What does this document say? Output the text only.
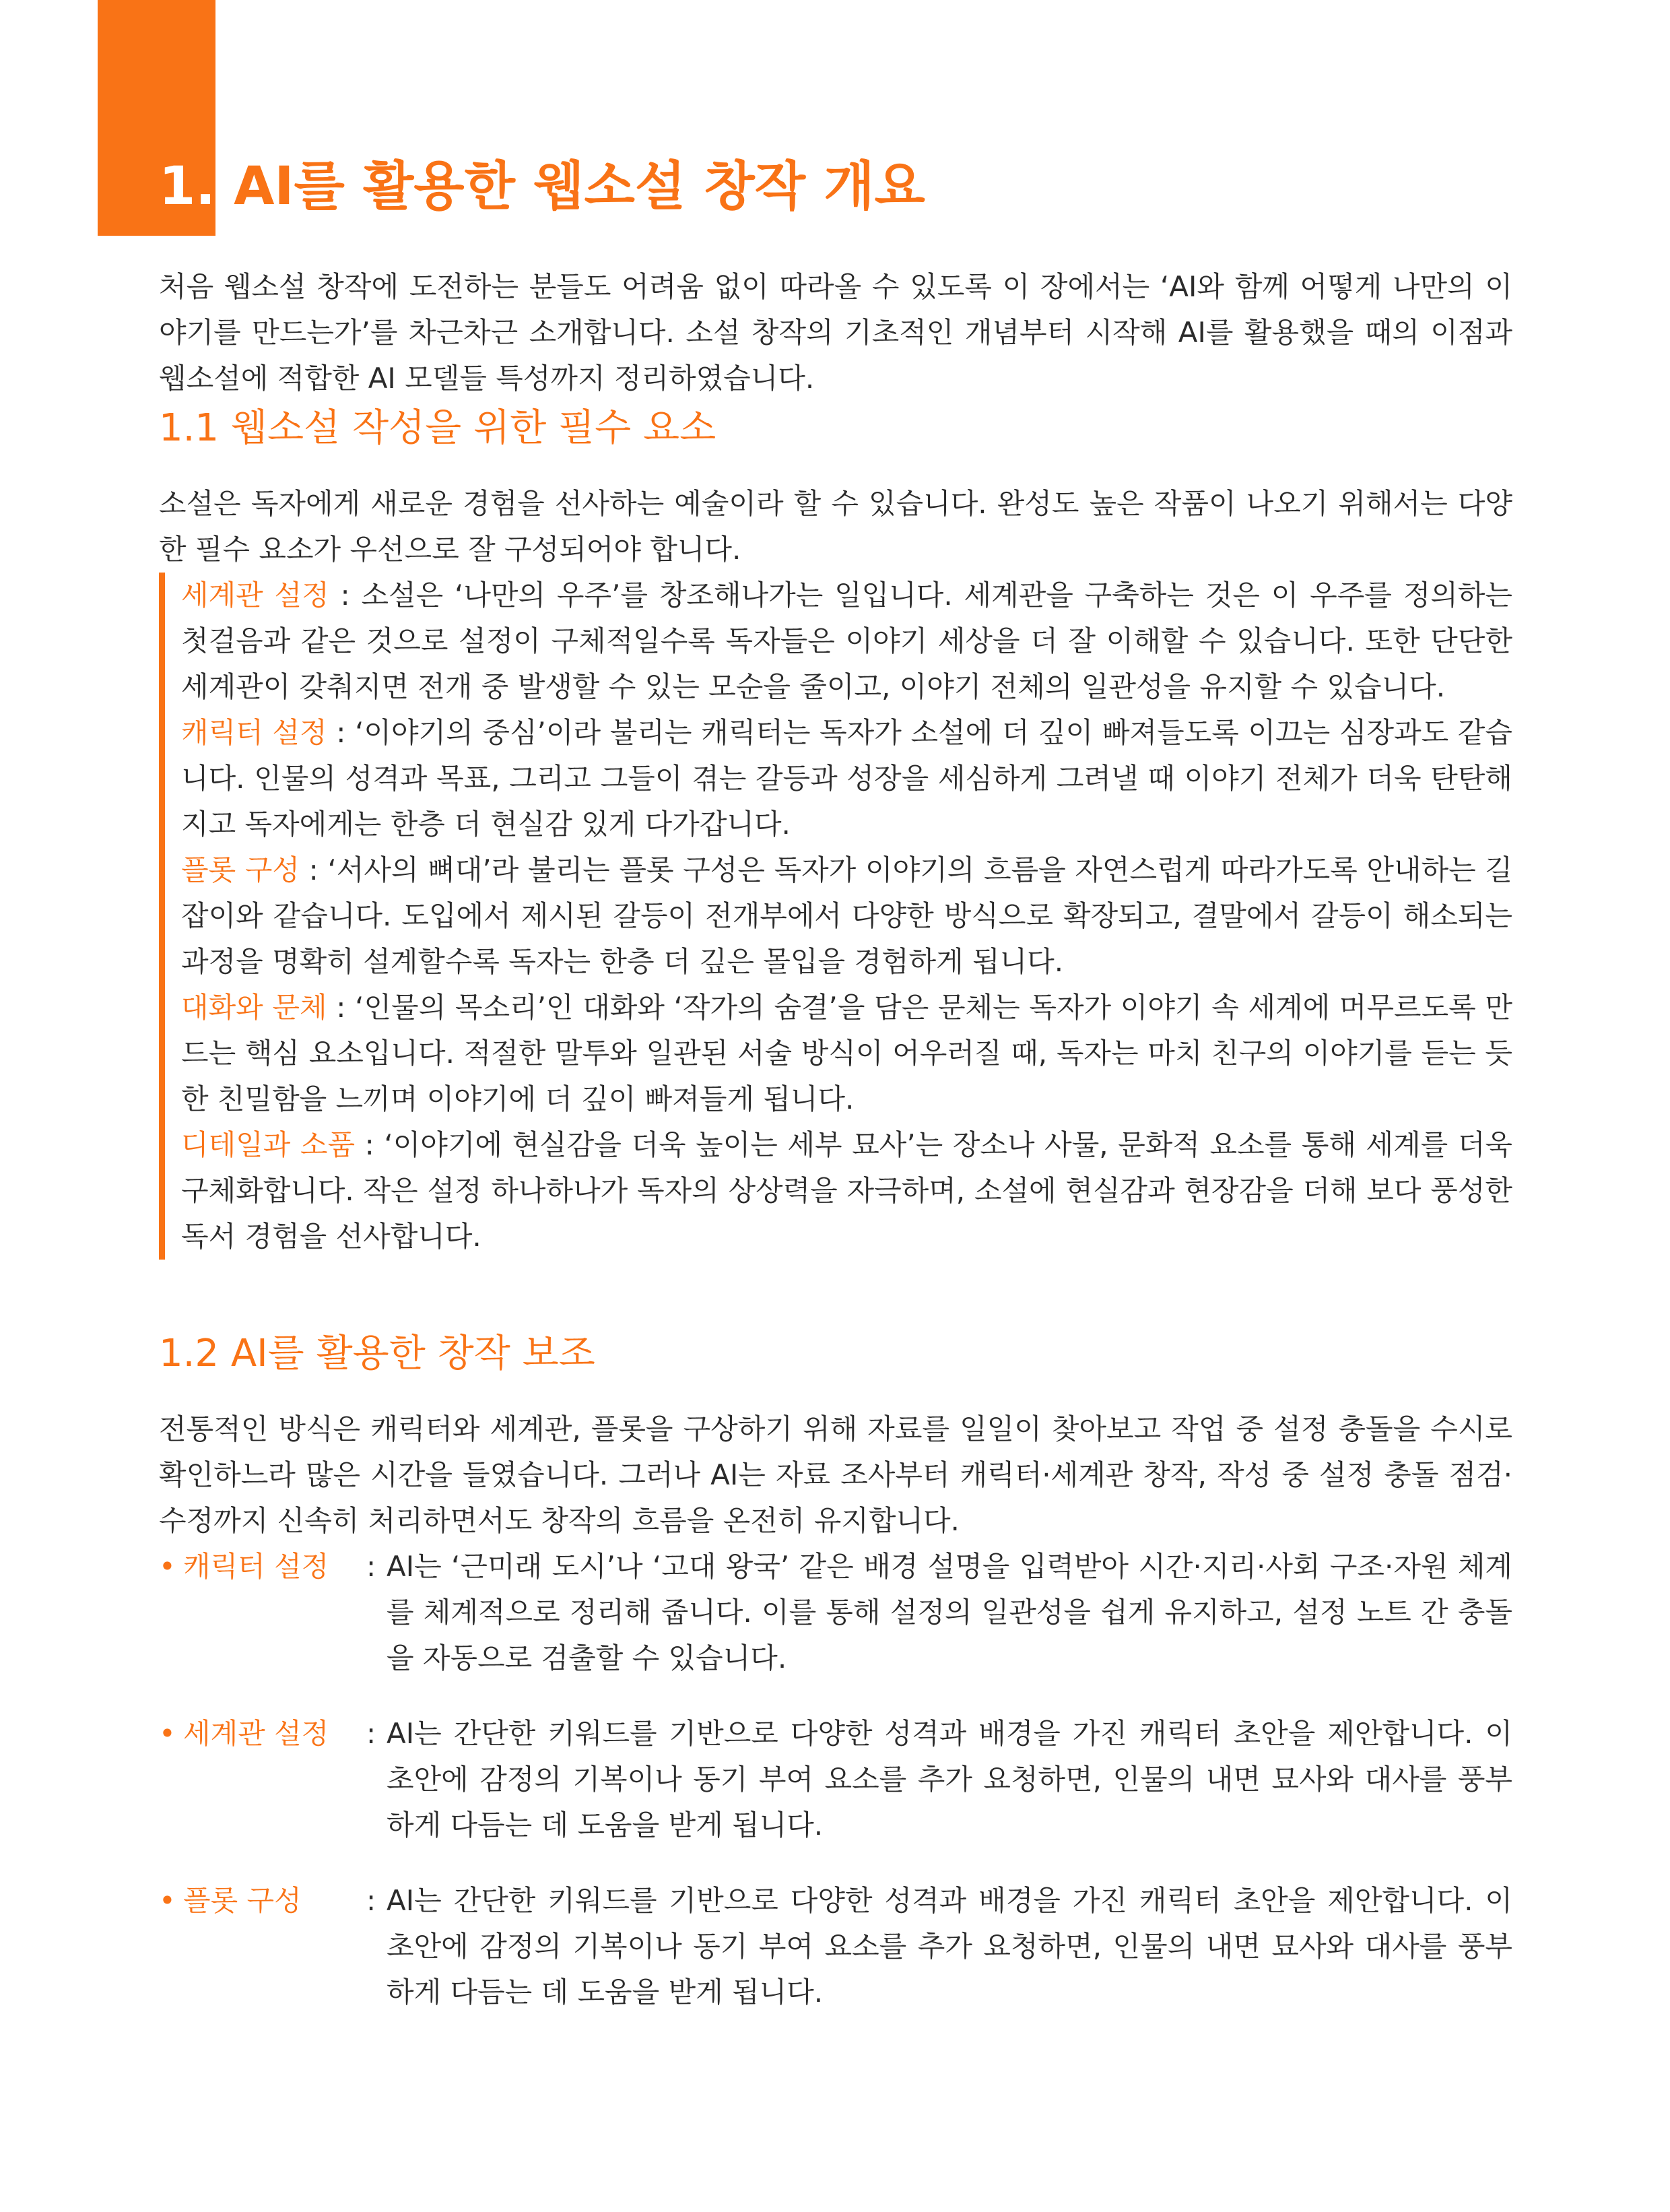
1. AI를 활용한 웹소설 창작 개요

처음 웹소설 창작에 도전하는 분들도 어려움 없이 따라올 수 있도록 이 장에서는 ‘AI와 함께 어떻게 나만의 이야기를 만드는가’를 차근차근 소개합니다. 소설 창작의 기초적인 개념부터 시작해 AI를 활용했을 때의 이점과 웹소설에 적합한 AI 모델들 특성까지 정리하였습니다.

1.1 웹소설 작성을 위한 필수 요소

소설은 독자에게 새로운 경험을 선사하는 예술이라 할 수 있습니다. 완성도 높은 작품이 나오기 위해서는 다양한 필수 요소가 우선으로 잘 구성되어야 합니다.

세계관 설정 : 소설은 ‘나만의 우주’를 창조해나가는 일입니다. 세계관을 구축하는 것은 이 우주를 정의하는 첫걸음과 같은 것으로 설정이 구체적일수록 독자들은 이야기 세상을 더 잘 이해할 수 있습니다. 또한 단단한 세계관이 갖춰지면 전개 중 발생할 수 있는 모순을 줄이고, 이야기 전체의 일관성을 유지할 수 있습니다.

캐릭터 설정 : ‘이야기의 중심’이라 불리는 캐릭터는 독자가 소설에 더 깊이 빠져들도록 이끄는 심장과도 같습니다. 인물의 성격과 목표, 그리고 그들이 겪는 갈등과 성장을 세심하게 그려낼 때 이야기 전체가 더욱 탄탄해지고 독자에게는 한층 더 현실감 있게 다가갑니다.

플롯 구성 : ‘서사의 뼈대’라 불리는 플롯 구성은 독자가 이야기의 흐름을 자연스럽게 따라가도록 안내하는 길잡이와 같습니다. 도입에서 제시된 갈등이 전개부에서 다양한 방식으로 확장되고, 결말에서 갈등이 해소되는 과정을 명확히 설계할수록 독자는 한층 더 깊은 몰입을 경험하게 됩니다.

대화와 문체 : ‘인물의 목소리’인 대화와 ‘작가의 숨결’을 담은 문체는 독자가 이야기 속 세계에 머무르도록 만드는 핵심 요소입니다. 적절한 말투와 일관된 서술 방식이 어우러질 때, 독자는 마치 친구의 이야기를 듣는 듯한 친밀함을 느끼며 이야기에 더 깊이 빠져들게 됩니다.

디테일과 소품 : ‘이야기에 현실감을 더욱 높이는 세부 묘사’는 장소나 사물, 문화적 요소를 통해 세계를 더욱 구체화합니다. 작은 설정 하나하나가 독자의 상상력을 자극하며, 소설에 현실감과 현장감을 더해 보다 풍성한 독서 경험을 선사합니다.

1.2 AI를 활용한 창작 보조

전통적인 방식은 캐릭터와 세계관, 플롯을 구상하기 위해 자료를 일일이 찾아보고 작업 중 설정 충돌을 수시로 확인하느라 많은 시간을 들였습니다. 그러나 AI는 자료 조사부터 캐릭터·세계관 창작, 작성 중 설정 충돌 점검·수정까지 신속히 처리하면서도 창작의 흐름을 온전히 유지합니다.

• 캐릭터 설정	: AI는 ‘근미래 도시’나 ‘고대 왕국’ 같은 배경 설명을 입력받아 시간·지리·사회 구조·자원 체계를 체계적으로 정리해 줍니다. 이를 통해 설정의 일관성을 쉽게 유지하고, 설정 노트 간 충돌을 자동으로 검출할 수 있습니다.
• 세계관 설정	: AI는 간단한 키워드를 기반으로 다양한 성격과 배경을 가진 캐릭터 초안을 제안합니다. 이 초안에 감정의 기복이나 동기 부여 요소를 추가 요청하면, 인물의 내면 묘사와 대사를 풍부하게 다듬는 데 도움을 받게 됩니다.
• 플롯 구성	: AI는 간단한 키워드를 기반으로 다양한 성격과 배경을 가진 캐릭터 초안을 제안합니다. 이 초안에 감정의 기복이나 동기 부여 요소를 추가 요청하면, 인물의 내면 묘사와 대사를 풍부하게 다듬는 데 도움을 받게 됩니다.
